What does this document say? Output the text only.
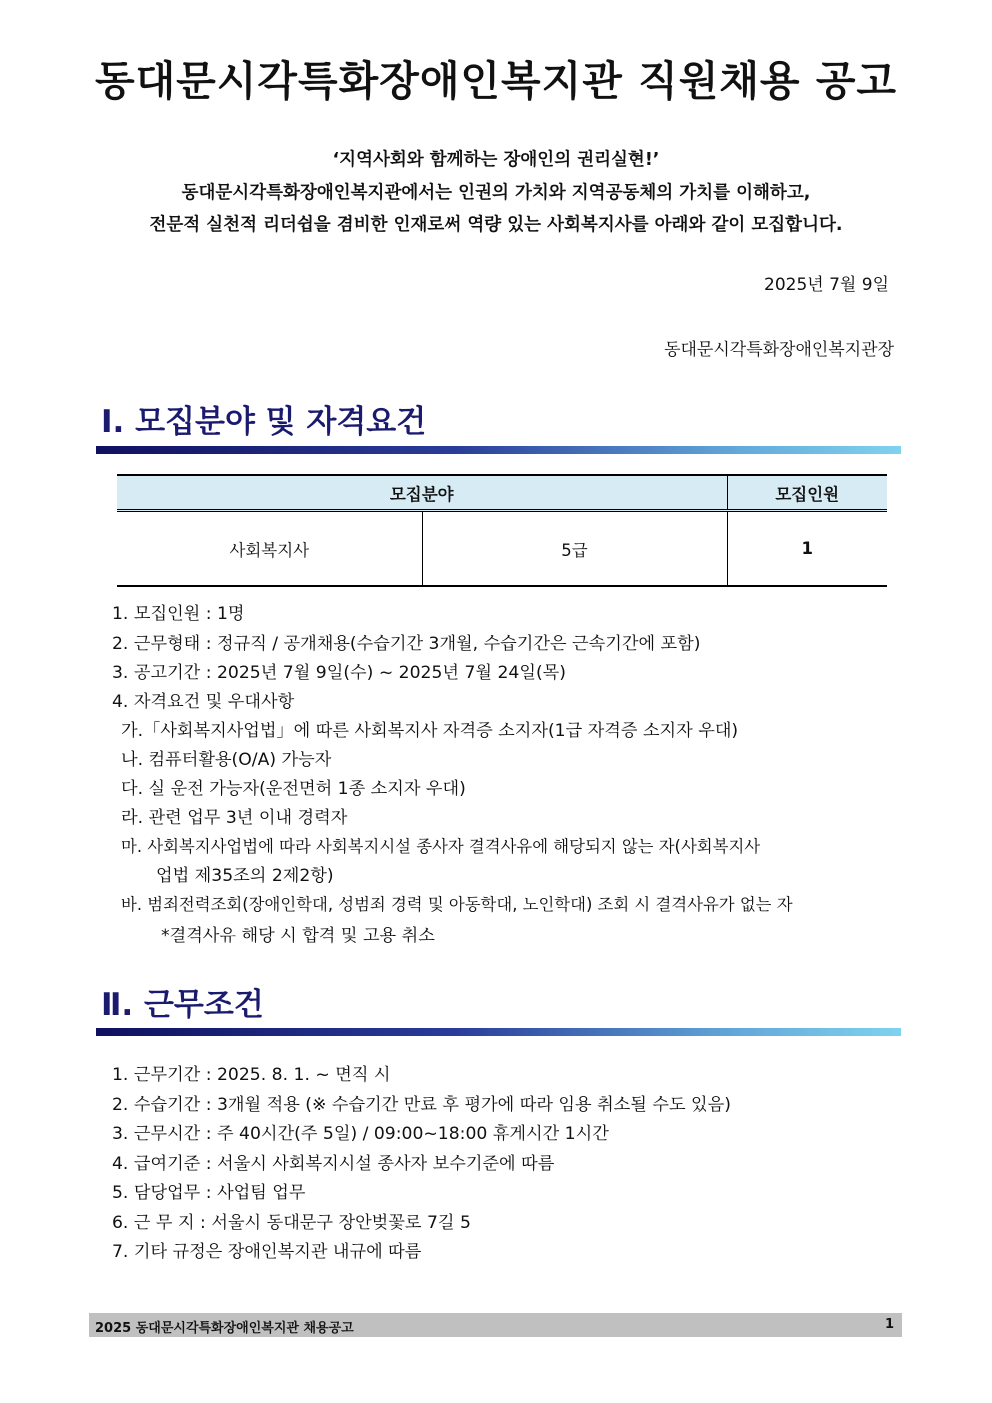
동대문시각특화장애인복지관 직원채용 공고
‘지역사회와 함께하는 장애인의 권리실현!’
동대문시각특화장애인복지관에서는 인권의 가치와 지역공동체의 가치를 이해하고,
전문적 실천적 리더쉽을 겸비한 인재로써 역량 있는 사회복지사를 아래와 같이 모집합니다.
2025년 7월 9일
동대문시각특화장애인복지관장
Ⅰ. 모집분야 및 자격요건
모집분야		모집인원
사회복지사	5급	1
1. 모집인원 : 1명
2. 근무형태 : 정규직 / 공개채용(수습기간 3개월, 수습기간은 근속기간에 포함)
3. 공고기간 : 2025년 7월 9일(수) ~ 2025년 7월 24일(목)
4. 자격요건 및 우대사항
가.「사회복지사업법」에 따른 사회복지사 자격증 소지자(1급 자격증 소지자 우대)
나. 컴퓨터활용(O/A) 가능자
다. 실 운전 가능자(운전면허 1종 소지자 우대)
라. 관련 업무 3년 이내 경력자
마. 사회복지사업법에 따라 사회복지시설 종사자 결격사유에 해당되지 않는 자(사회복지사
업법 제35조의 2제2항)
바. 범죄전력조회(장애인학대, 성범죄 경력 및 아동학대, 노인학대) 조회 시 결격사유가 없는 자
*결격사유 해당 시 합격 및 고용 취소
Ⅱ. 근무조건
1. 근무기간 : 2025. 8. 1. ~ 면직 시
2. 수습기간 : 3개월 적용 (※ 수습기간 만료 후 평가에 따라 임용 취소될 수도 있음)
3. 근무시간 : 주 40시간(주 5일) / 09:00~18:00 휴게시간 1시간
4. 급여기준 : 서울시 사회복지시설 종사자 보수기준에 따름
5. 담당업무 : 사업팀 업무
6. 근 무 지 : 서울시 동대문구 장안벚꽃로 7길 5
7. 기타 규정은 장애인복지관 내규에 따름
2025 동대문시각특화장애인복지관 채용공고	1
